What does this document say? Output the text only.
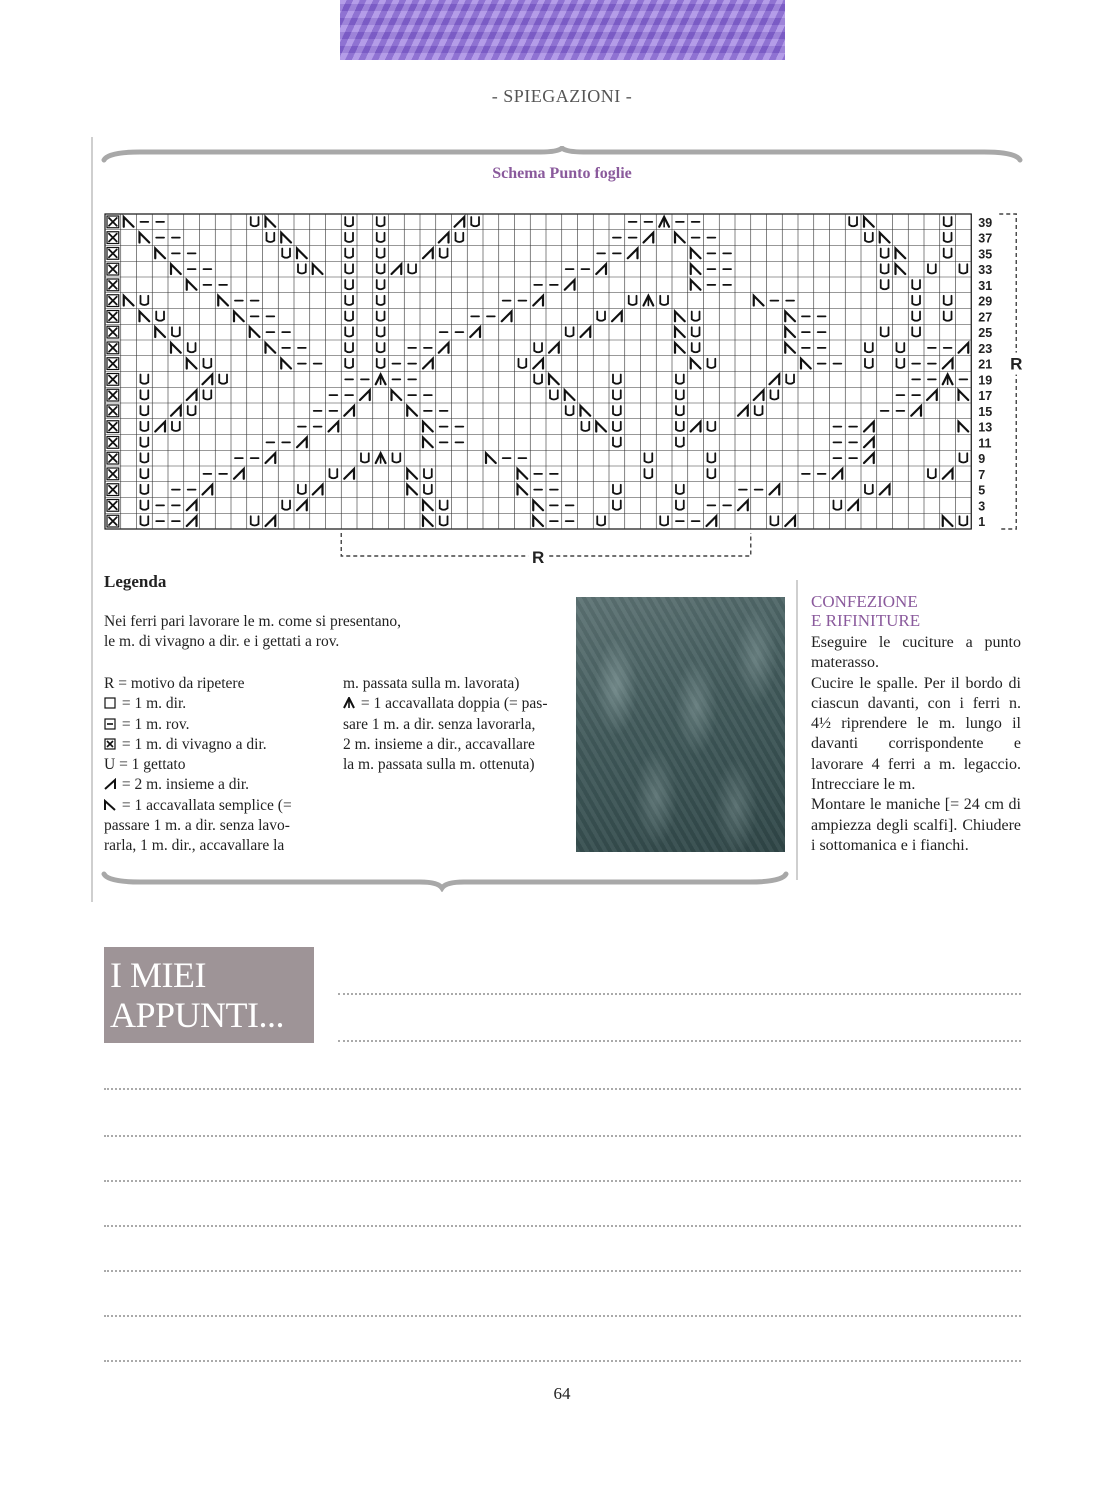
- SPIEGAZIONI -
Schema Punto foglie
39
37
35
33
31
29
27
25
23
21
19
17
15
13
11
9
7
5
3
1
R
R
Legenda
Nei ferri pari lavorare le m. come si presentano,
le m. di vivagno a dir. e i gettati a rov.
R = motivo da ripetere
= 1 m. dir.
= 1 m. rov.
= 1 m. di vivagno a dir.
U = 1 gettato
= 2 m. insieme a dir.
= 1 accavallata semplice (=
passare 1 m. a dir. senza lavo-
rarla, 1 m. dir., accavallare la
m. passata sulla m. lavorata)
= 1 accavallata doppia (= pas-
sare 1 m. a dir. senza lavorarla,
2 m. insieme a dir., accavallare
la m. passata sulla m. ottenuta)
CONFEZIONE
E RIFINITURE

Eseguire le cuciture a punto materasso.

Cucire le spalle. Per il bordo di ciascun davanti, con i ferri n. 4½ riprendere le m. lungo il davanti corrispondente e lavorare 4 ferri a m. legaccio. Intrecciare le m.

Montare le maniche [= 24 cm di ampiezza degli scalfi]. Chiudere i sottomanica e i fianchi.

I MIEI
APPUNTI...
64
